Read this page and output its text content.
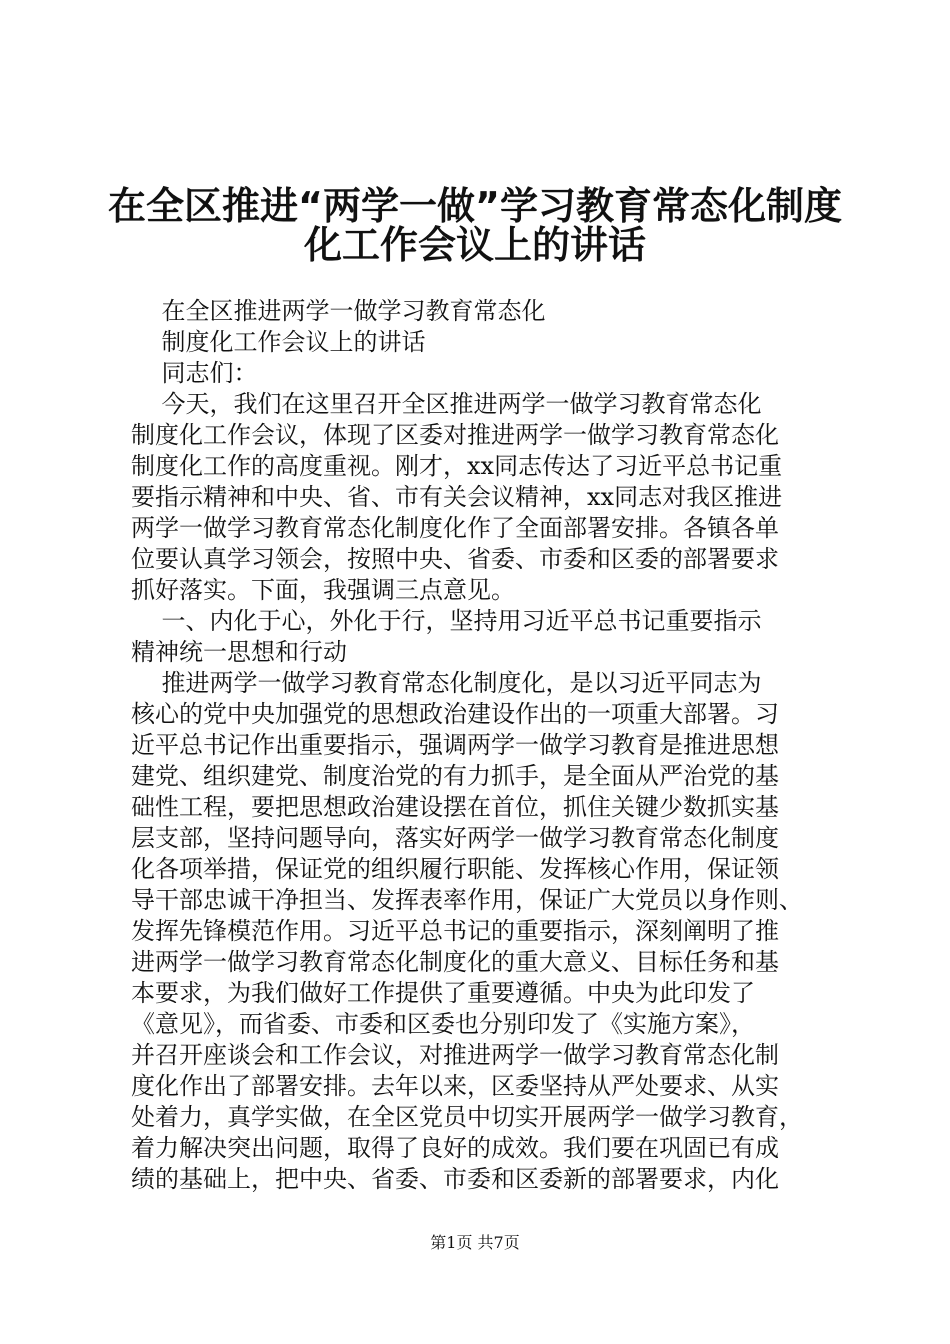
在全区推进“两学一做”学习教育常态化制度
化工作会议上的讲话
在全区推进两学一做学习教育常态化
制度化工作会议上的讲话
同志们：
今天，我们在这里召开全区推进两学一做学习教育常态化
制度化工作会议，体现了区委对推进两学一做学习教育常态化
制度化工作的高度重视。刚才，xx同志传达了习近平总书记重
要指示精神和中央、省、市有关会议精神，xx同志对我区推进
两学一做学习教育常态化制度化作了全面部署安排。各镇各单
位要认真学习领会，按照中央、省委、市委和区委的部署要求
抓好落实。下面，我强调三点意见。
一、内化于心，外化于行，坚持用习近平总书记重要指示
精神统一思想和行动
推进两学一做学习教育常态化制度化，是以习近平同志为
核心的党中央加强党的思想政治建设作出的一项重大部署。习
近平总书记作出重要指示，强调两学一做学习教育是推进思想
建党、组织建党、制度治党的有力抓手，是全面从严治党的基
础性工程，要把思想政治建设摆在首位，抓住关键少数抓实基
层支部，坚持问题导向，落实好两学一做学习教育常态化制度
化各项举措，保证党的组织履行职能、发挥核心作用，保证领
导干部忠诚干净担当、发挥表率作用，保证广大党员以身作则、
发挥先锋模范作用。习近平总书记的重要指示，深刻阐明了推
进两学一做学习教育常态化制度化的重大意义、目标任务和基
本要求，为我们做好工作提供了重要遵循。中央为此印发了
《意见》，而省委、市委和区委也分别印发了《实施方案》，
并召开座谈会和工作会议，对推进两学一做学习教育常态化制
度化作出了部署安排。去年以来，区委坚持从严处要求、从实
处着力，真学实做，在全区党员中切实开展两学一做学习教育，
着力解决突出问题，取得了良好的成效。我们要在巩固已有成
绩的基础上，把中央、省委、市委和区委新的部署要求，内化
第1页 共7页
